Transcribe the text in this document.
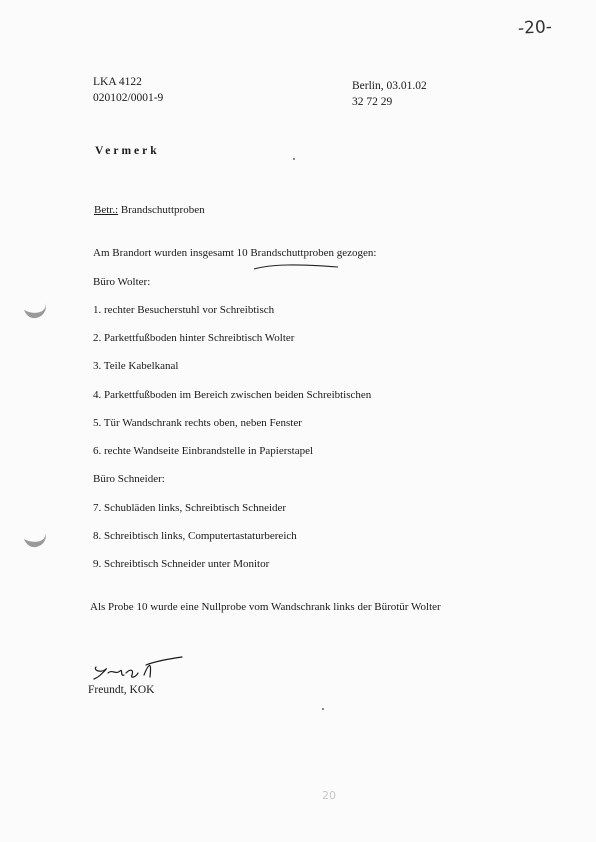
-20-
LKA 4122
020102/0001-9
Berlin, 03.01.02
32 72 29
Vermerk
Betr.: Brandschuttproben
Am Brandort wurden insgesamt 10 Brandschuttproben gezogen:
Büro Wolter:
1. rechter Besucherstuhl vor Schreibtisch
2. Parkettfußboden hinter Schreibtisch Wolter
3. Teile Kabelkanal
4. Parkettfußboden im Bereich zwischen beiden Schreibtischen
5. Tür Wandschrank rechts oben, neben Fenster
6. rechte Wandseite Einbrandstelle in Papierstapel
Büro Schneider:
7. Schubläden links, Schreibtisch Schneider
8. Schreibtisch links, Computertastaturbereich
9. Schreibtisch Schneider unter Monitor
Als Probe 10 wurde eine Nullprobe vom Wandschrank links der Bürotür Wolter
Freundt, KOK
20
